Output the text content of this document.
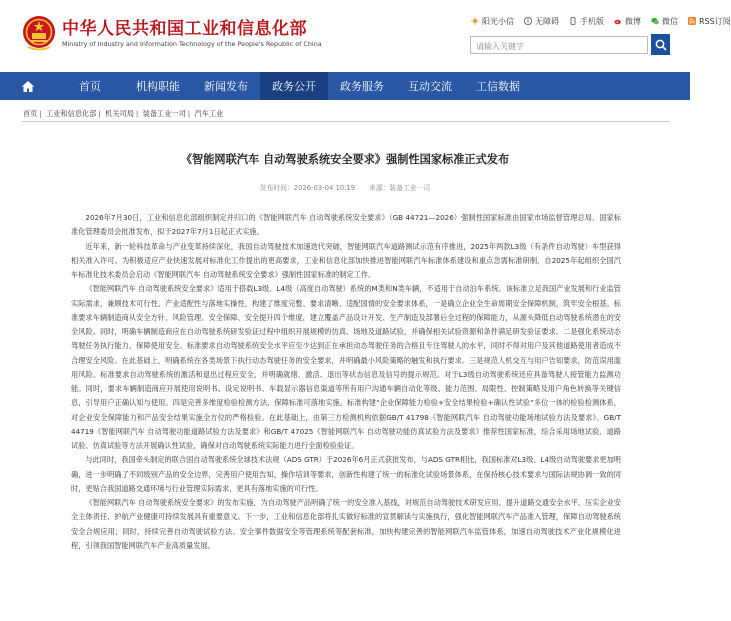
中华人民共和国工业和信息化部
Ministry of Industry and Information Technology of the People's Republic of China
阳光小信	无障碍	手机版	微博	微信	RSS订阅
请输入关键字
首页	机构职能	新闻发布	政务公开	政务服务	互动交流	工信数据
首页 | 工业和信息化部 | 机关司局 | 装备工业一司 | 汽车工业
《智能网联汽车 自动驾驶系统安全要求》强制性国家标准正式发布
发布时间：2026-03-04 10:19 来源：装备工业一司

2026年7月30日，工业和信息化部组织制定并归口的《智能网联汽车 自动驾驶系统安全要求》（GB 44721—2026）强制性国家标准由国家市场监督管理总局、国家标准化管理委员会批准发布，拟于2027年7月1日起正式实施。

近年来，新一轮科技革命与产业变革持续深化，我国自动驾驶技术加速迭代突破，智能网联汽车道路测试示范有序推进，2025年两款L3级（有条件自动驾驶）车型获得相关准入许可。为积极适应产业快速发展对标准化工作提出的更高要求，工业和信息化部加快推进智能网联汽车标准体系建设和重点急需标准研制，自2025年起组织全国汽车标准化技术委员会启动《智能网联汽车 自动驾驶系统安全要求》强制性国家标准的制定工作。

《智能网联汽车 自动驾驶系统安全要求》适用于搭载L3级、L4级（高度自动驾驶）系统的M类和N类车辆，不适用于自动泊车系统。该标准立足我国产业发展和行业监管实际需求，兼顾技术可行性、产业适配性与落地实操性，构建了维度完整、要求清晰、适配国情的安全要求体系，一是确立企业全生命周期安全保障机制，筑牢安全根基。标准要求车辆制造商从安全方针、风险管理、安全保障、安全提升四个维度，建立覆盖产品设计开发、生产制造及部署后全过程的保障能力，从源头降低自动驾驶系统潜在的安全风险。同时，明确车辆制造商应在自动驾驶系统研发验证过程中组织开展规模的仿真、场地及道路试验，并确保相关试验资源和条件满足研发验证要求。二是强化系统动态驾驶任务执行能力，保障使用安全。标准要求自动驾驶系统安全水平应至少达到正在承担动态驾驶任务的合格且专注驾驶人的水平，同时不得对用户及其他道路使用者造成不合理安全风险。在此基础上，明确系统在各类场景下执行动态驾驶任务的安全要求，并明确最小风险策略的触发和执行要求。三是规范人机交互与用户告知要求，防范误用滥用风险。标准要求自动驾驶系统的激活和退出过程应安全，并明确就绪、激活、退出等状态信息及信号的提示规范。对于L3级自动驾驶系统还应具备驾驶人接管能力监测功能。同时，要求车辆制造商应开展使用说明书、设定说明书、车载显示器信息渠道等所有用户沟通车辆自动化等级、能力范围、局限性、控制策略及用户角色转换等关键信息，引导用户正确认知与使用。四是完善多维度检验检测方法，保障标准可落地实施。标准构建“企业保障能力检验+安全结果检验+确认性试验”多位一体的检验检测体系，对企业安全保障能力和产品安全结果实施全方位的严格检验。在此基础上，由第三方检测机构依据GB/T 41798《智能网联汽车 自动驾驶功能场地试验方法及要求》、GB/T 44719《智能网联汽车 自动驾驶功能道路试验方法及要求》和GB/T 47025《智能网联汽车 自动驾驶功能仿真试验方法及要求》推荐性国家标准，综合采用场地试验、道路试验、仿真试验等方法开展确认性试验，确保对自动驾驶系统实际能力进行全面检验验证。

与此同时，我国牵头制定的联合国自动驾驶系统全球技术法规（ADS GTR）于2026年6月正式获批发布，与ADS GTR相比，我国标准对L3级、L4级自动驾驶要求更加明确，进一步明确了不同级别产品的安全边界，完善用户使用告知、操作培训等要求，创新性构建了统一的标准化试验场景体系，在保持核心技术要求与国际法规协调一致的同时，更贴合我国道路交通环境与行业管理实际需求，更具有落地实施的可行性。

《智能网联汽车 自动驾驶系统安全要求》的发布实施，为自动驾驶产品明确了统一的安全准入基线，对规范自动驾驶技术研发应用、提升道路交通安全水平、压实企业安全主体责任、护航产业健康可持续发展具有重要意义。下一步，工业和信息化部将扎实做好标准的宣贯解读与实施执行，强化智能网联汽车产品准入管理，保障自动驾驶系统安全合规应用；同时，持续完善自动驾驶试验方法、安全事件数据安全等管理系统等配套标准，加快构建完善的智能网联汽车监管体系，加速自动驾驶技术产业化规模化进程，引领我国智能网联汽车产业高质量发展。
